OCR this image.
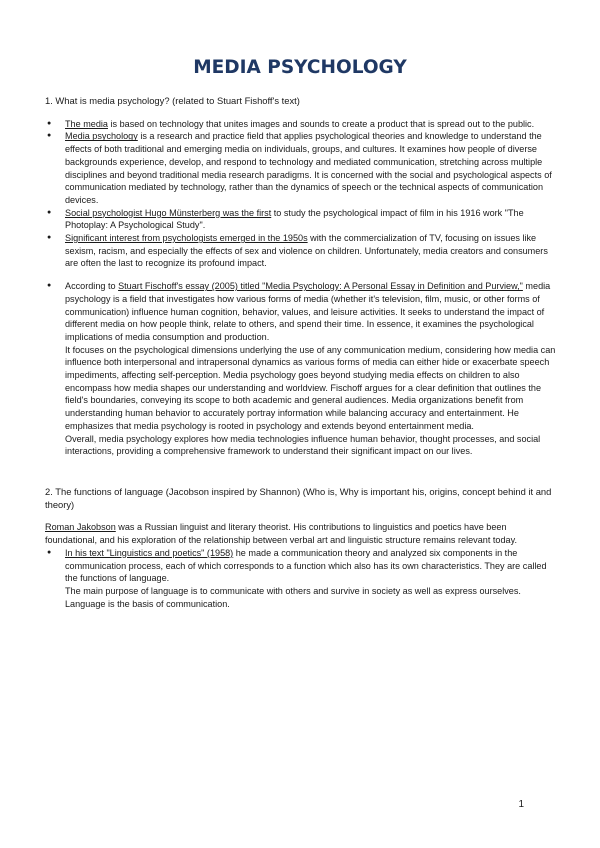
MEDIA PSYCHOLOGY

1. What is media psychology? (related to Stuart Fishoff's text)

● The media is based on technology that unites images and sounds to create a product that is spread out to the public.
● Media psychology is a research and practice field that applies psychological theories and knowledge to understand the effects of both traditional and emerging media on individuals, groups, and cultures. It examines how people of diverse backgrounds experience, develop, and respond to technology and mediated communication, stretching across multiple disciplines and beyond traditional media research paradigms. It is concerned with the social and psychological aspects of communication mediated by technology, rather than the dynamics of speech or the technical aspects of communication devices.
● Social psychologist Hugo Münsterberg was the first to study the psychological impact of film in his 1916 work "The Photoplay: A Psychological Study".
● Significant interest from psychologists emerged in the 1950s with the commercialization of TV, focusing on issues like sexism, racism, and especially the effects of sex and violence on children. Unfortunately, media creators and consumers are often the last to recognize its profound impact.
● According to Stuart Fischoff's essay (2005) titled "Media Psychology: A Personal Essay in Definition and Purview," media psychology is a field that investigates how various forms of media (whether it's television, film, music, or other forms of communication) influence human cognition, behavior, values, and leisure activities. It seeks to understand the impact of different media on how people think, relate to others, and spend their time. In essence, it examines the psychological implications of media consumption and production.

It focuses on the psychological dimensions underlying the use of any communication medium, considering how media can influence both interpersonal and intrapersonal dynamics as various forms of media can either hide or exacerbate speech impediments, affecting self-perception. Media psychology goes beyond studying media effects on children to also encompass how media shapes our understanding and worldview. Fischoff argues for a clear definition that outlines the field's boundaries, conveying its scope to both academic and general audiences. Media organizations benefit from understanding human behavior to accurately portray information while balancing accuracy and entertainment. He emphasizes that media psychology is rooted in psychology and extends beyond entertainment media.

Overall, media psychology explores how media technologies influence human behavior, thought processes, and social interactions, providing a comprehensive framework to understand their significant impact on our lives.

2. The functions of language (Jacobson inspired by Shannon) (Who is, Why is important his, origins, concept behind it and theory)

Roman Jakobson was a Russian linguist and literary theorist. His contributions to linguistics and poetics have been foundational, and his exploration of the relationship between verbal art and linguistic structure remains relevant today.

● In his text "Linguistics and poetics" (1958) he made a communication theory and analyzed six components in the communication process, each of which corresponds to a function which also has its own characteristics. They are called the functions of language.

The main purpose of language is to communicate with others and survive in society as well as express ourselves. Language is the basis of communication.

1
